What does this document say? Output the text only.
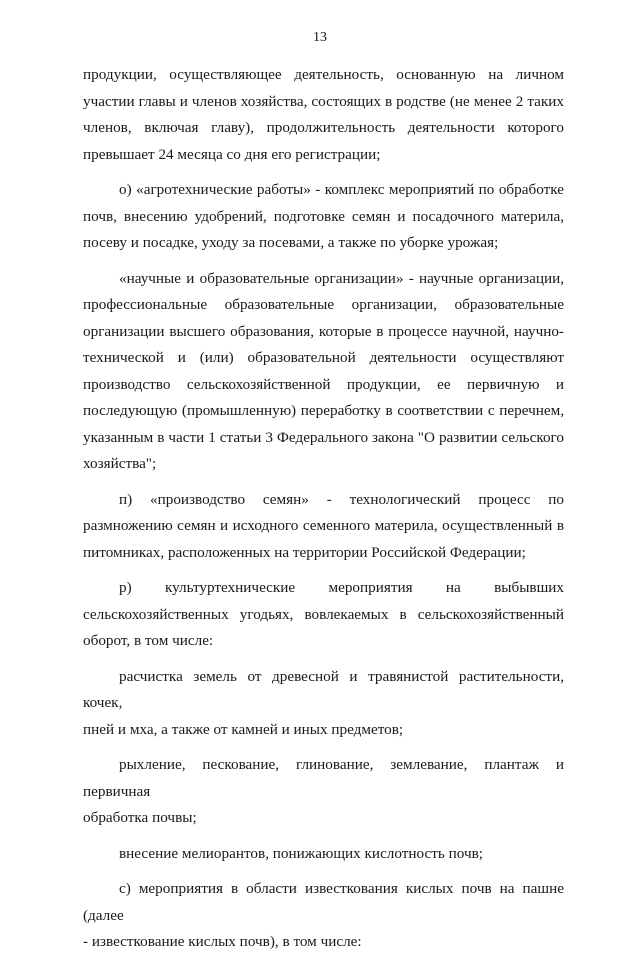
13

продукции, осуществляющее деятельность, основанную на личном
участии главы и членов хозяйства, состоящих в родстве (не менее 2 таких
членов, включая главу), продолжительность деятельности которого
превышает 24 месяца со дня его регистрации;

о) «агротехнические работы» - комплекс мероприятий по обработке
почв, внесению удобрений, подготовке семян и посадочного материла,
посеву и посадке, уходу за посевами, а также по уборке урожая;

«научные и образовательные организации» - научные организации,
профессиональные образовательные организации, образовательные
организации высшего образования, которые в процессе научной, научно-
технической и (или) образовательной деятельности осуществляют
производство сельскохозяйственной продукции, ее первичную и
последующую (промышленную) переработку в соответствии с перечнем,
указанным в части 1 статьи 3 Федерального закона "О развитии сельского
хозяйства";

п) «производство семян» - технологический процесс по
размножению семян и исходного семенного материла, осуществленный в
питомниках, расположенных на территории Российской Федерации;

р) культуртехнические мероприятия на выбывших
сельскохозяйственных угодьях, вовлекаемых в сельскохозяйственный
оборот, в том числе:

расчистка земель от древесной и травянистой растительности, кочек,
пней и мха, а также от камней и иных предметов;

рыхление, пескование, глинование, землевание, плантаж и первичная
обработка почвы;

внесение мелиорантов, понижающих кислотность почв;

с) мероприятия в области известкования кислых почв на пашне (далее
- известкование кислых почв), в том числе:
